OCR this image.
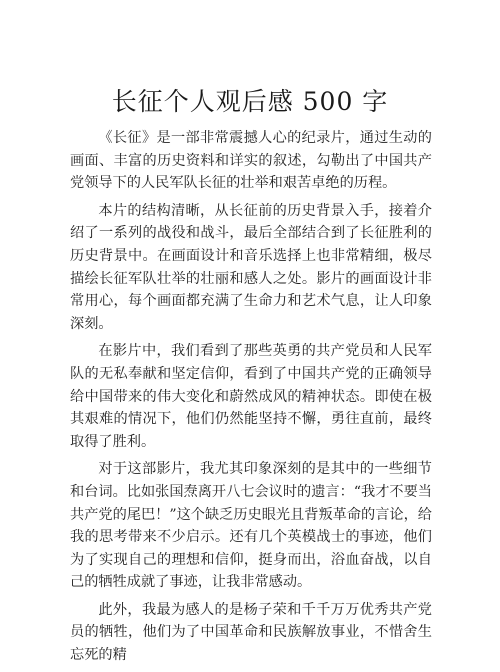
长征个人观后感 500 字

《长征》是一部非常震撼人心的纪录片，通过生动的画面、丰富的历史资料和详实的叙述，勾勒出了中国共产党领导下的人民军队长征的壮举和艰苦卓绝的历程。

本片的结构清晰，从长征前的历史背景入手，接着介绍了一系列的战役和战斗，最后全部结合到了长征胜利的历史背景中。在画面设计和音乐选择上也非常精细，极尽描绘长征军队壮举的壮丽和感人之处。影片的画面设计非常用心，每个画面都充满了生命力和艺术气息，让人印象深刻。

在影片中，我们看到了那些英勇的共产党员和人民军队的无私奉献和坚定信仰，看到了中国共产党的正确领导给中国带来的伟大变化和蔚然成风的精神状态。即使在极其艰难的情况下，他们仍然能坚持不懈，勇往直前，最终取得了胜利。

对于这部影片，我尤其印象深刻的是其中的一些细节和台词。比如张国焘离开八七会议时的遗言：“我才不要当共产党的尾巴！”这个缺乏历史眼光且背叛革命的言论，给我的思考带来不少启示。还有几个英模战士的事迹，他们为了实现自己的理想和信仰，挺身而出，浴血奋战，以自己的牺牲成就了事迹，让我非常感动。

此外，我最为感人的是杨子荣和千千万万优秀共产党员的牺牲，他们为了中国革命和民族解放事业，不惜舍生忘死的精
